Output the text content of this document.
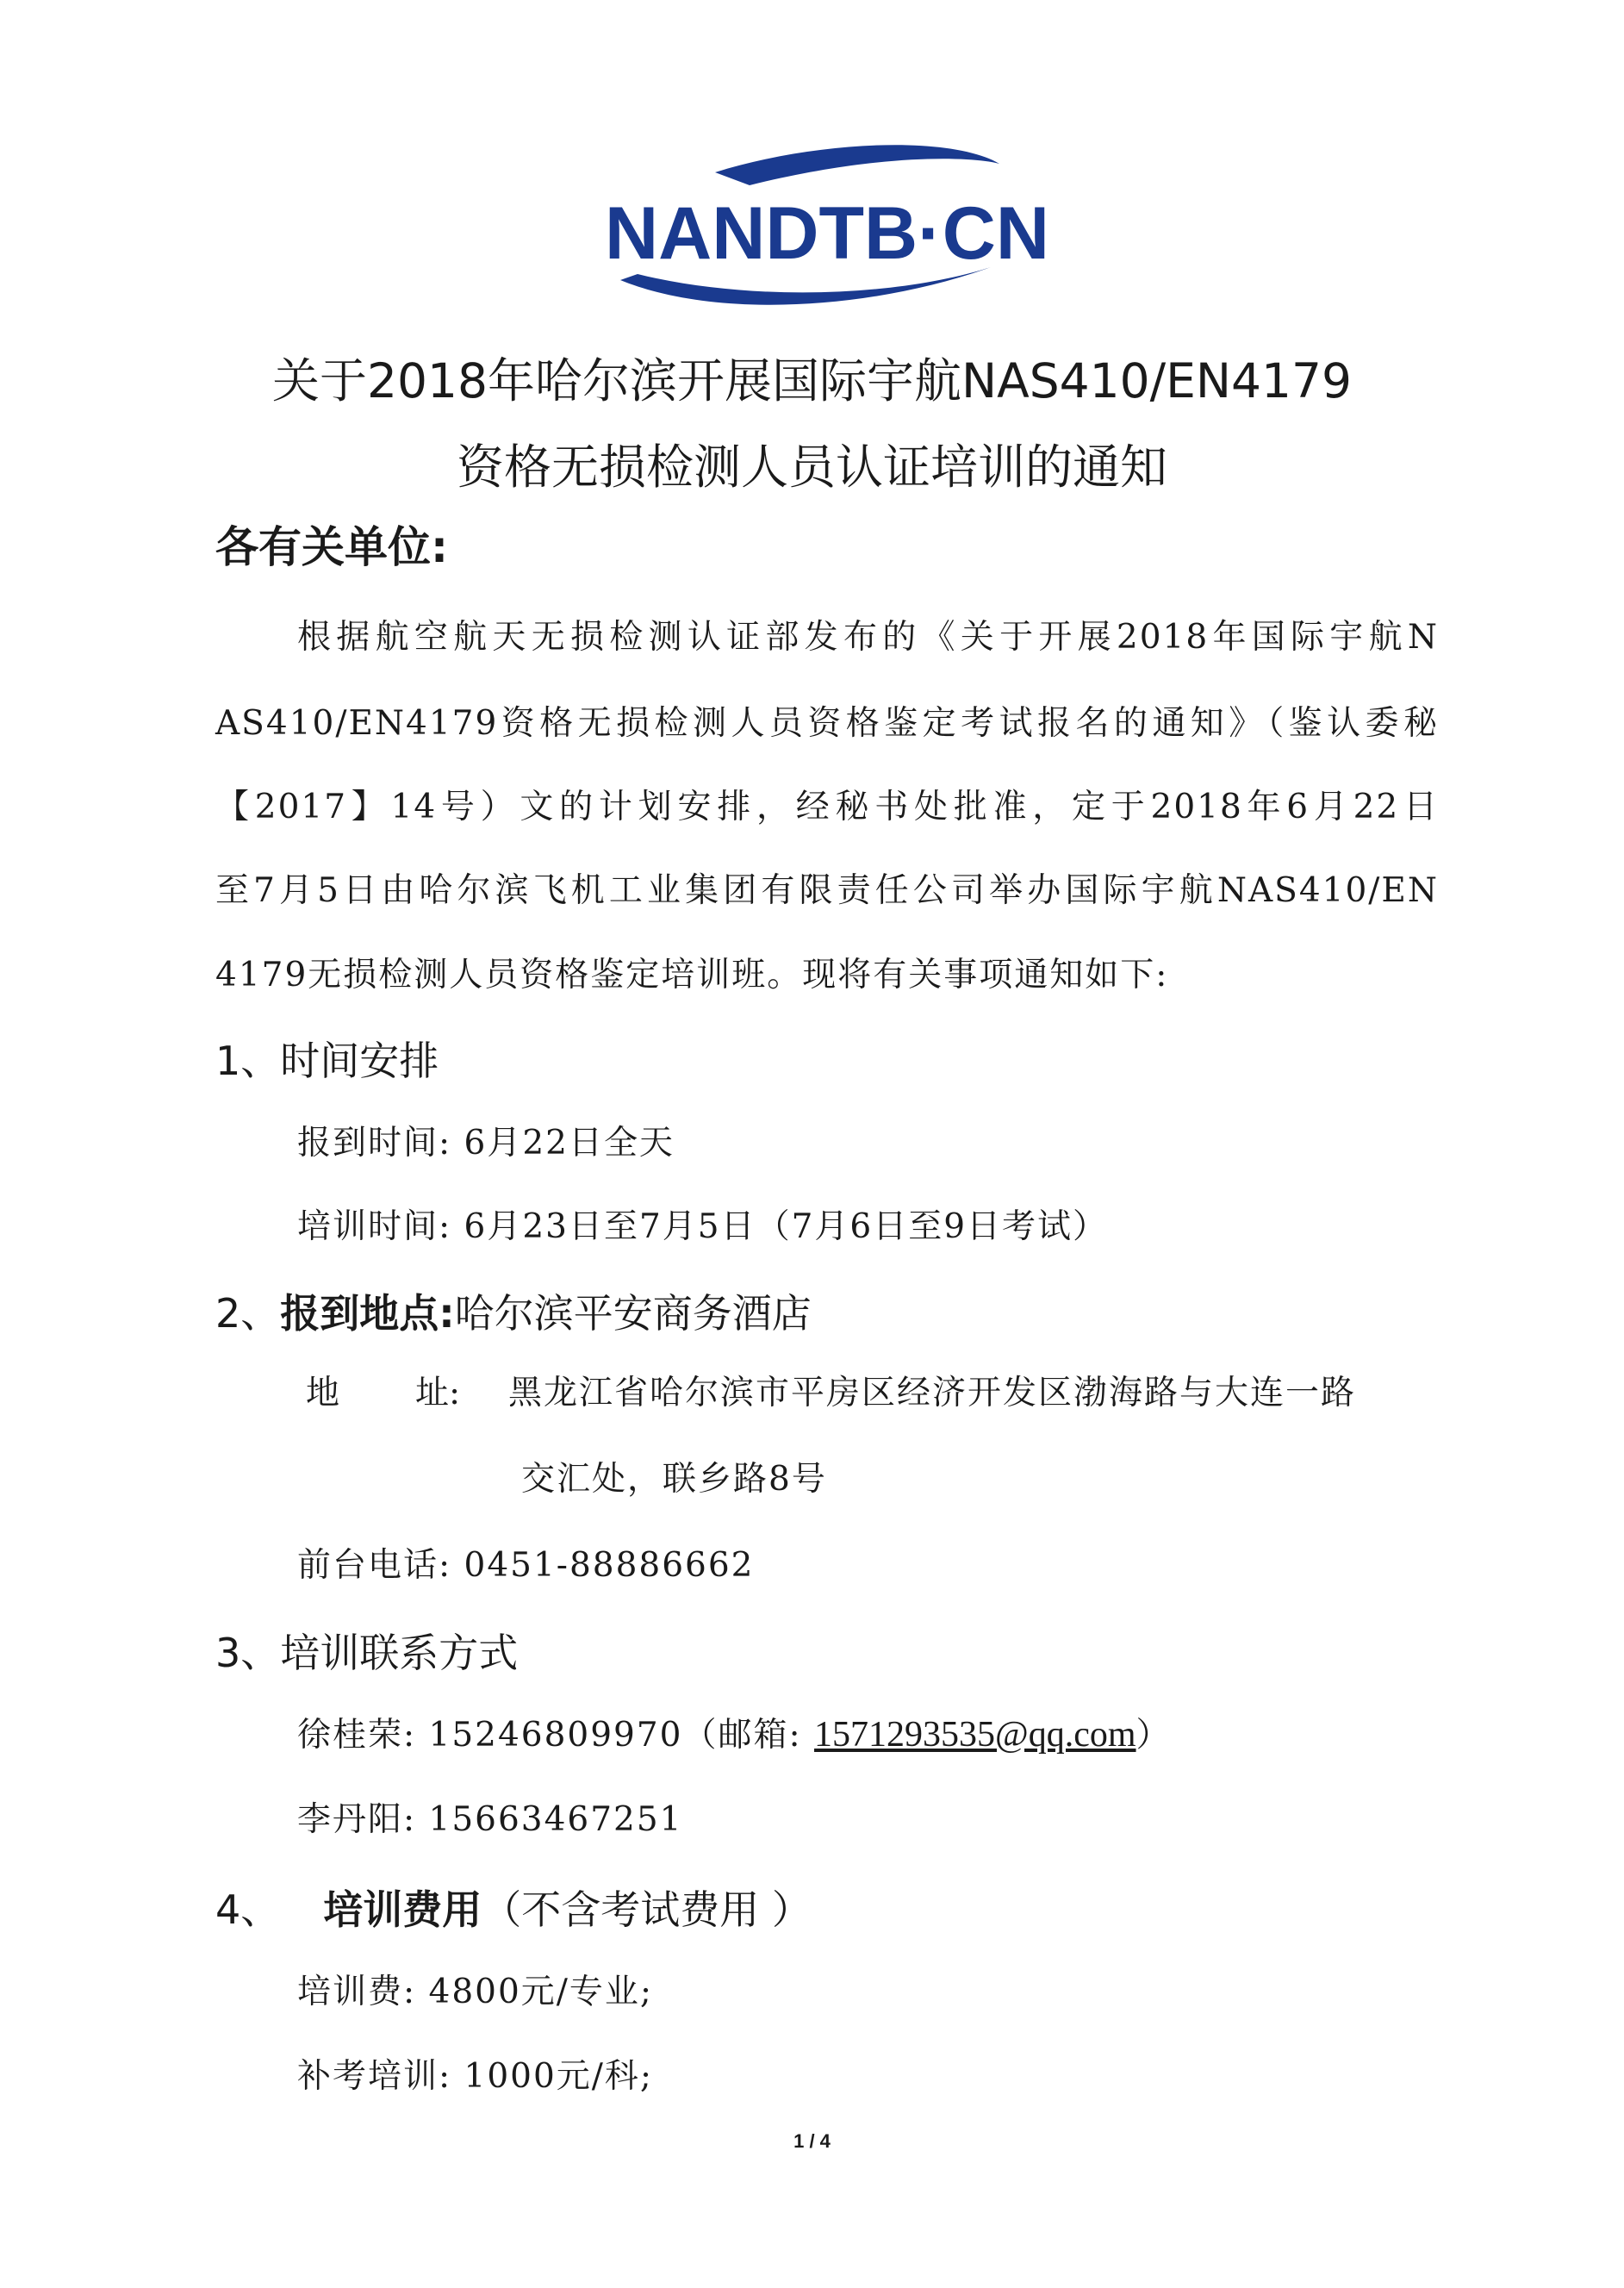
NANDTB·CN
关于2018年哈尔滨开展国际宇航NAS410/EN4179
资格无损检测人员认证培训的通知
各有关单位:
根据航空航天无损检测认证部发布的《关于开展2018年国际宇航N
AS410/EN4179资格无损检测人员资格鉴定考试报名的通知》（鉴认委秘
【2017】14号）文的计划安排，经秘书处批准，定于2018年6月22日
至7月5日由哈尔滨飞机工业集团有限责任公司举办国际宇航NAS410/EN
4179无损检测人员资格鉴定培训班。现将有关事项通知如下:
1、时间安排
报到时间: 6月22日全天
培训时间: 6月23日至7月5日（7月6日至9日考试）
2、报到地点:哈尔滨平安商务酒店
地 址: 黑龙江省哈尔滨市平房区经济开发区渤海路与大连一路
交汇处，联乡路8号
前台电话: 0451-88886662
3、培训联系方式
徐桂荣: 15246809970（邮箱: 1571293535@qq.com）
李丹阳: 15663467251
4、 培训费用（不含考试费用 ）
培训费: 4800元/专业;
补考培训: 1000元/科;
1 / 4
